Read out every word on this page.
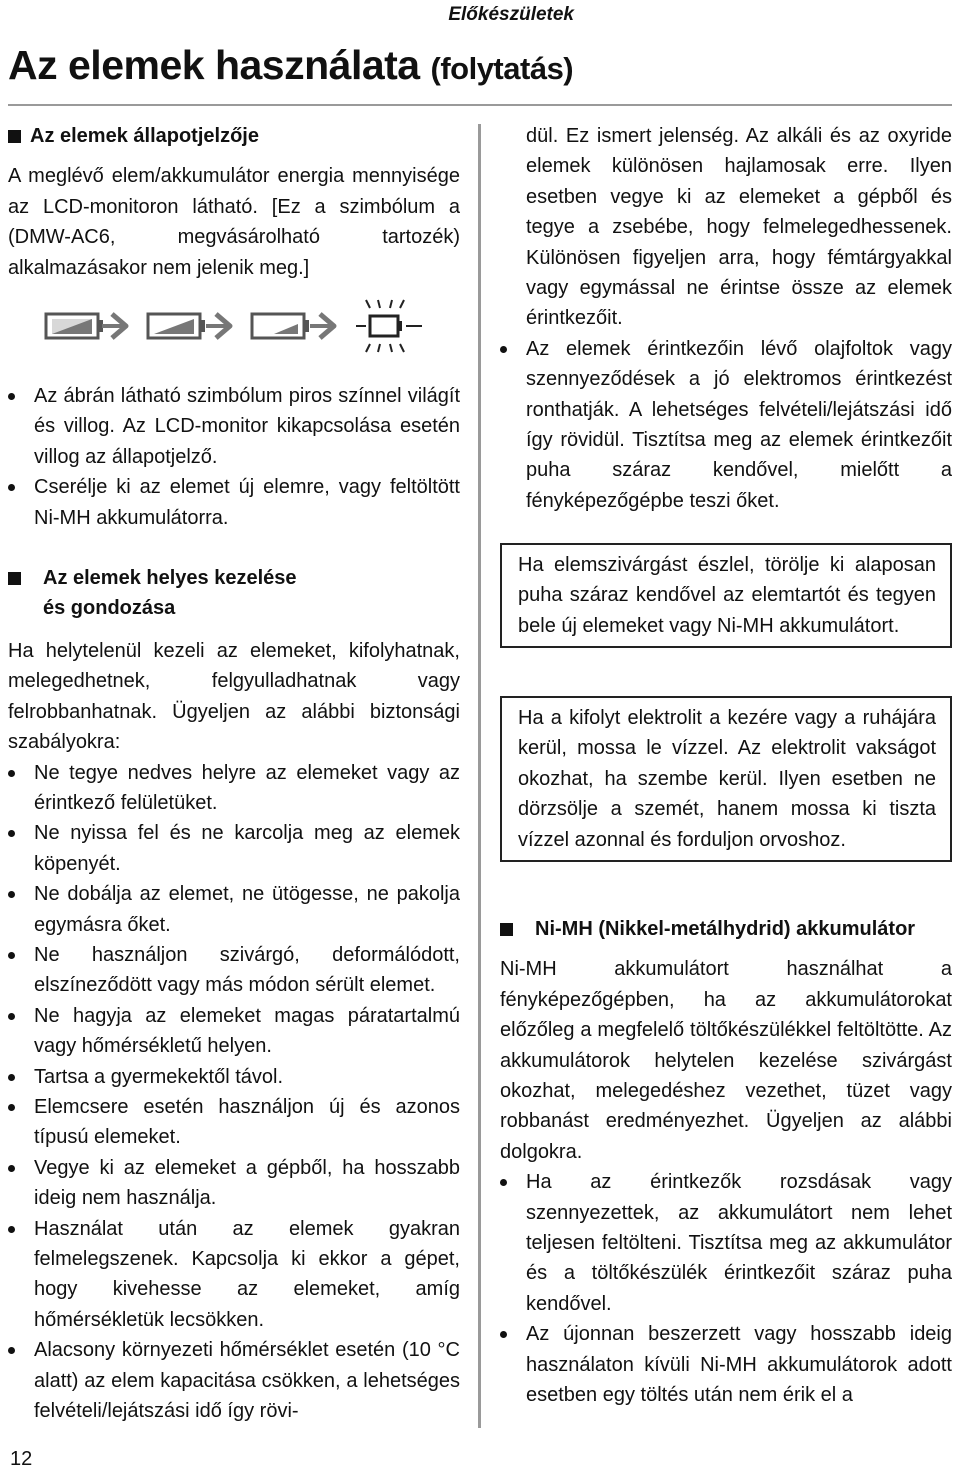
Előkészületek
Az elemek használata (folytatás)
Az elemek állapotjelzője

A meglévő elem/akkumulátor energia mennyisége az LCD-monitoron látható. [Ez a szimbólum a (DMW-AC6, megvásárolható tartozék) alkalmazásakor nem jelenik meg.]

Az ábrán látható szimbólum piros színnel világít és villog. Az LCD-monitor kikapcsolása esetén villog az állapotjelző.
Cserélje ki az elemet új elemre, vagy feltöltött Ni-MH akkumulátorra.
Az elemek helyes kezelése
és gondozása

Ha helytelenül kezeli az elemeket, kifolyhatnak, melegedhetnek, felgyulladhatnak vagy felrobbanhatnak. Ügyeljen az alábbi biztonsági szabályokra:

Ne tegye nedves helyre az elemeket vagy az érintkező felületüket.
Ne nyissa fel és ne karcolja meg az elemek köpenyét.
Ne dobálja az elemet, ne ütögesse, ne pakolja egymásra őket.
Ne használjon szivárgó, deformálódott, elszíneződött vagy más módon sérült elemet.
Ne hagyja az elemeket magas páratartalmú vagy hőmérsékletű helyen.
Tartsa a gyermekektől távol.
Elemcsere esetén használjon új és azonos típusú elemeket.
Vegye ki az elemeket a gépből, ha hosszabb ideig nem használja.
Használat után az elemek gyakran felmelegszenek. Kapcsolja ki ekkor a gépet, hogy kivehesse az elemeket, amíg hőmérsékletük lecsökken.
Alacsony környezeti hőmérséklet esetén (10 °C alatt) az elem kapacitása csökken, a lehetséges felvételi/lejátszási idő így rövi-

dül. Ez ismert jelenség. Az alkáli és az oxyride elemek különösen hajlamosak erre. Ilyen esetben vegye ki az elemeket a gépből és tegye a zsebébe, hogy felmelegedhessenek. Különösen figyeljen arra, hogy fémtárgyakkal vagy egymással ne érintse össze az elemek érintkezőit.

Az elemek érintkezőin lévő olajfoltok vagy szennyeződések a jó elektromos érintkezést ronthatják. A lehetséges felvételi/lejátszási idő így rövidül. Tisztítsa meg az elemek érintkezőit puha száraz kendővel, mielőtt a fényképezőgépbe teszi őket.

Ha elemszivárgást észlel, törölje ki alaposan puha száraz kendővel az elemtartót és tegyen bele új elemeket vagy Ni-MH akkumulátort.

Ha a kifolyt elektrolit a kezére vagy a ruhájára kerül, mossa le vízzel. Az elektrolit vakságot okozhat, ha szembe kerül. Ilyen esetben ne dörzsölje a szemét, hanem mossa ki tiszta vízzel azonnal és forduljon orvoshoz.

Ni-MH (Nikkel-metálhydrid) akkumulátor

Ni-MH akkumulátort használhat a fényképezőgépben, ha az akkumulátorokat előzőleg a megfelelő töltőkészülékkel feltöltötte. Az akkumulátorok helytelen kezelése szivárgást okozhat, melegedéshez vezethet, tüzet vagy robbanást eredményezhet. Ügyeljen az alábbi dolgokra.

Ha az érintkezők rozsdásak vagy szennyezettek, az akkumulátort nem lehet teljesen feltölteni. Tisztítsa meg az akkumulátor és a töltőkészülék érintkezőit száraz puha kendővel.
Az újonnan beszerzett vagy hosszabb ideig használaton kívüli Ni-MH akkumulátorok adott esetben egy töltés után nem érik el a
12
